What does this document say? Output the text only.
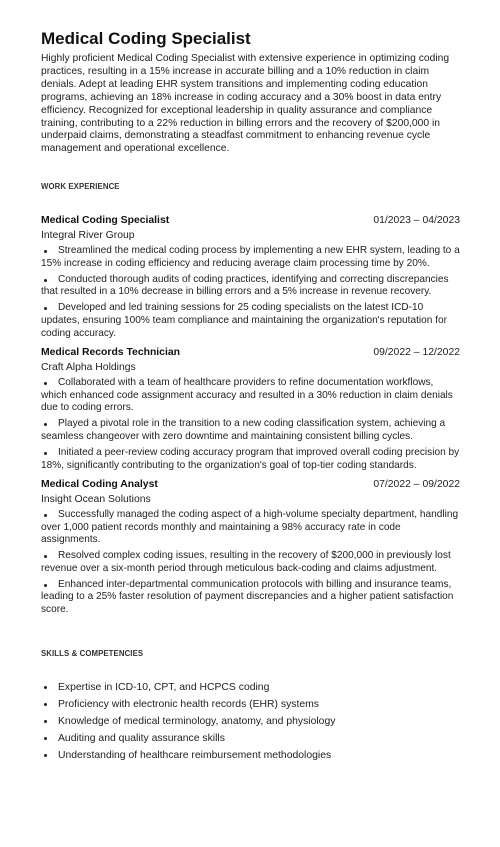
Medical Coding Specialist

Highly proficient Medical Coding Specialist with extensive experience in optimizing coding practices, resulting in a 15% increase in accurate billing and a 10% reduction in claim denials. Adept at leading EHR system transitions and implementing coding education programs, achieving an 18% increase in coding accuracy and a 30% boost in data entry efficiency. Recognized for exceptional leadership in quality assurance and compliance training, contributing to a 22% reduction in billing errors and the recovery of $200,000 in underpaid claims, demonstrating a steadfast commitment to enhancing revenue cycle management and operational excellence.

WORK EXPERIENCE
Medical Coding Specialist	01/2023 – 04/2023
Integral River Group
Streamlined the medical coding process by implementing a new EHR system, leading to a 15% increase in coding efficiency and reducing average claim processing time by 20%.
Conducted thorough audits of coding practices, identifying and correcting discrepancies that resulted in a 10% decrease in billing errors and a 5% increase in revenue recovery.
Developed and led training sessions for 25 coding specialists on the latest ICD-10 updates, ensuring 100% team compliance and maintaining the organization's reputation for coding accuracy.
Medical Records Technician	09/2022 – 12/2022
Craft Alpha Holdings
Collaborated with a team of healthcare providers to refine documentation workflows, which enhanced code assignment accuracy and resulted in a 30% reduction in claim denials due to coding errors.
Played a pivotal role in the transition to a new coding classification system, achieving a seamless changeover with zero downtime and maintaining consistent billing cycles.
Initiated a peer-review coding accuracy program that improved overall coding precision by 18%, significantly contributing to the organization's goal of top-tier coding standards.
Medical Coding Analyst	07/2022 – 09/2022
Insight Ocean Solutions
Successfully managed the coding aspect of a high-volume specialty department, handling over 1,000 patient records monthly and maintaining a 98% accuracy rate in code assignments.
Resolved complex coding issues, resulting in the recovery of $200,000 in previously lost revenue over a six-month period through meticulous back-coding and claims adjustment.
Enhanced inter-departmental communication protocols with billing and insurance teams, leading to a 25% faster resolution of payment discrepancies and a higher patient satisfaction score.
SKILLS & COMPETENCIES
Expertise in ICD-10, CPT, and HCPCS coding
Proficiency with electronic health records (EHR) systems
Knowledge of medical terminology, anatomy, and physiology
Auditing and quality assurance skills
Understanding of healthcare reimbursement methodologies
